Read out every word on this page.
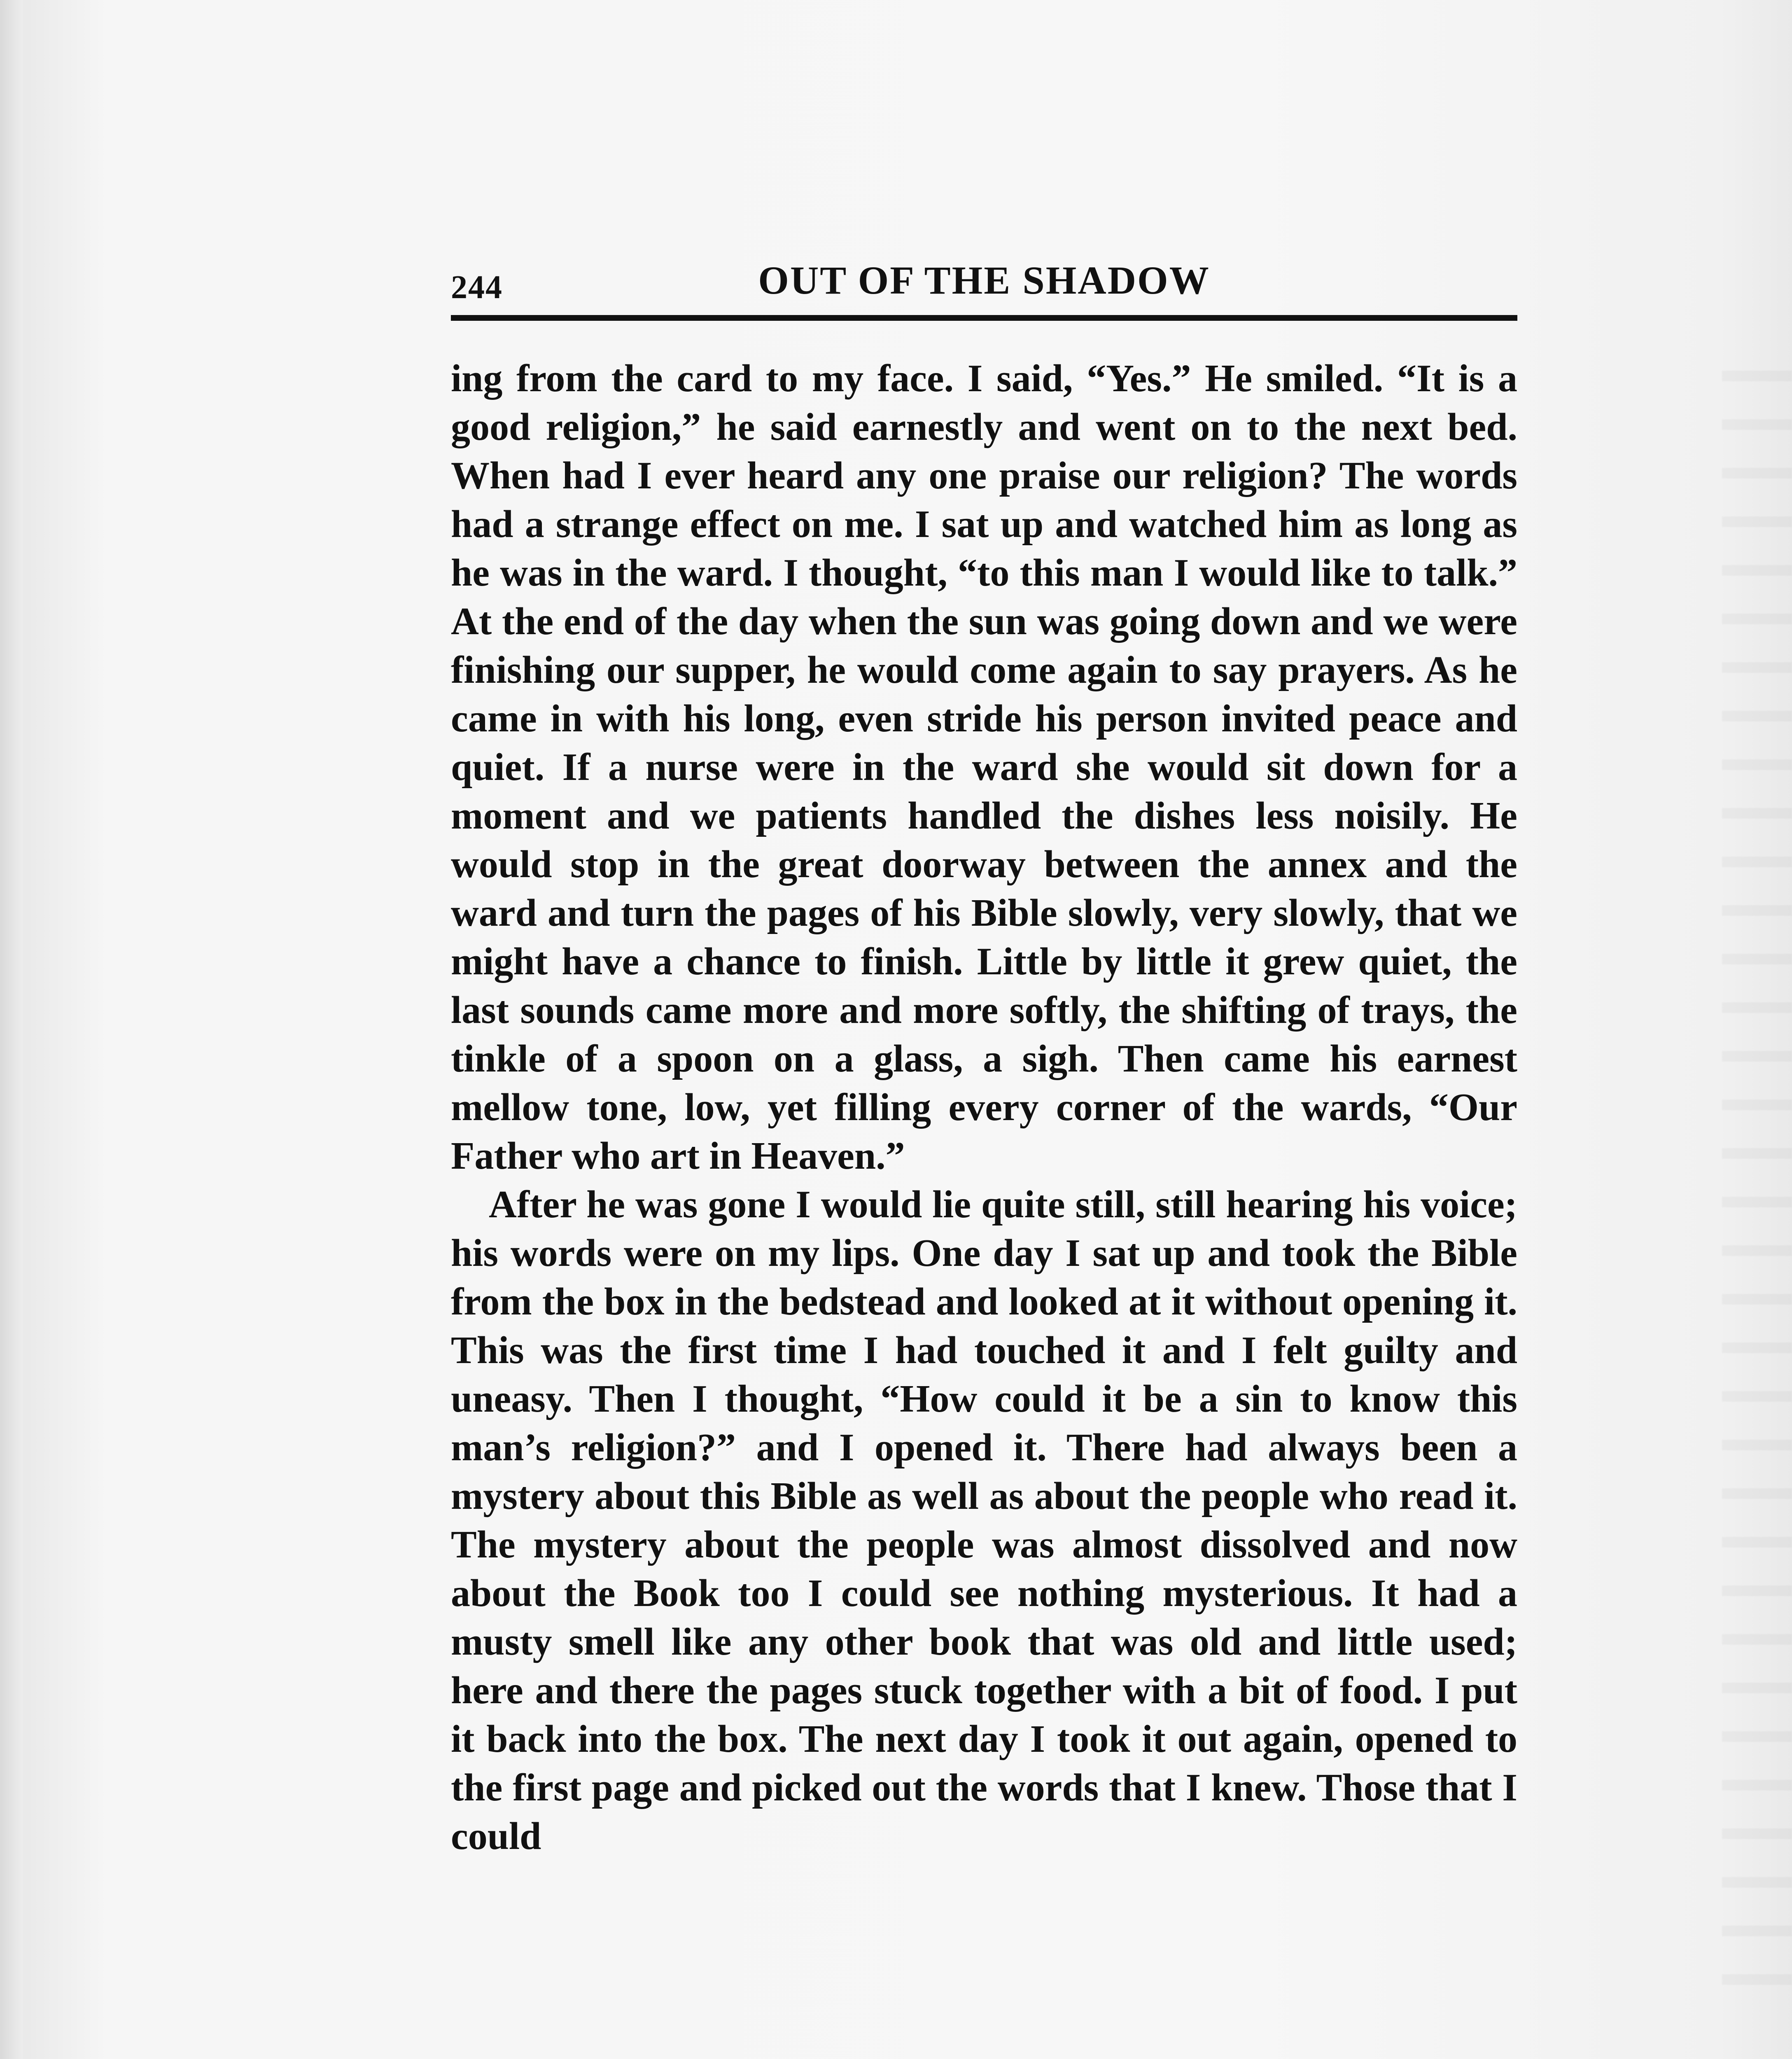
244	OUT OF THE SHADOW

ing from the card to my face. I said, “Yes.” He smiled. “It is a good religion,” he said earnestly and went on to the next bed. When had I ever heard any one praise our religion? The words had a strange effect on me. I sat up and watched him as long as he was in the ward. I thought, “to this man I would like to talk.” At the end of the day when the sun was going down and we were finishing our supper, he would come again to say prayers. As he came in with his long, even stride his person invited peace and quiet. If a nurse were in the ward she would sit down for a moment and we patients handled the dishes less noisily. He would stop in the great doorway between the annex and the ward and turn the pages of his Bible slowly, very slowly, that we might have a chance to finish. Little by little it grew quiet, the last sounds came more and more softly, the shifting of trays, the tinkle of a spoon on a glass, a sigh. Then came his earnest mellow tone, low, yet filling every corner of the wards, “Our Father who art in Heaven.”

After he was gone I would lie quite still, still hearing his voice; his words were on my lips. One day I sat up and took the Bible from the box in the bedstead and looked at it without opening it. This was the first time I had touched it and I felt guilty and uneasy. Then I thought, “How could it be a sin to know this man’s religion?” and I opened it. There had always been a mystery about this Bible as well as about the people who read it. The mystery about the people was almost dissolved and now about the Book too I could see nothing mysterious. It had a musty smell like any other book that was old and little used; here and there the pages stuck together with a bit of food. I put it back into the box. The next day I took it out again, opened to the first page and picked out the words that I knew. Those that I could
